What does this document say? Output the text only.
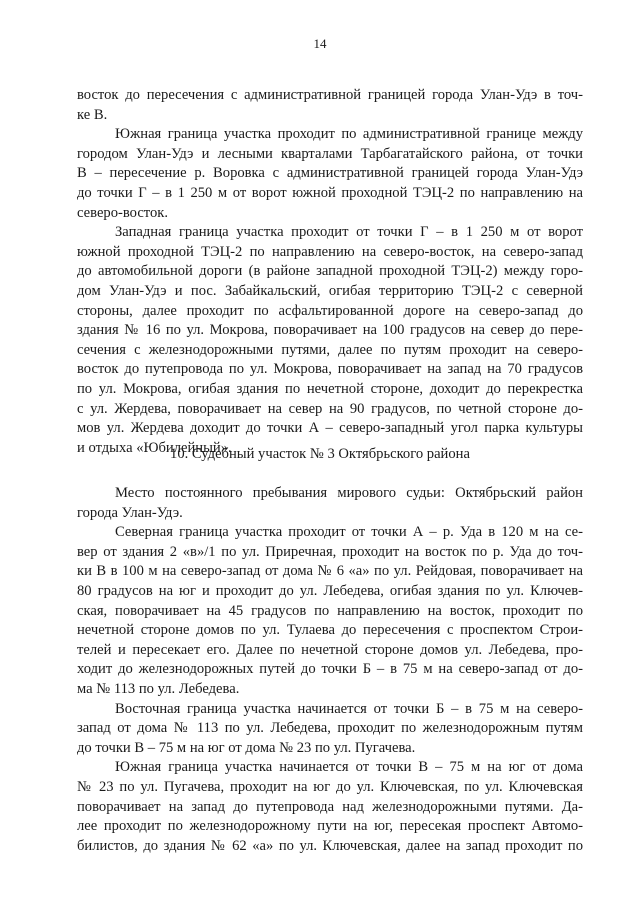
14
восток до пересечения с административной границей города Улан-Удэ в точ-
ке В.
Южная граница участка проходит по административной границе между
городом Улан-Удэ и лесными кварталами Тарбагатайского района, от точки
В – пересечение р. Воровка с административной границей города Улан-Удэ
до точки Г – в 1 250 м от ворот южной проходной ТЭЦ-2 по направлению на
северо-восток.
Западная граница участка проходит от точки Г – в 1 250 м от ворот
южной проходной ТЭЦ-2 по направлению на северо-восток, на северо-запад
до автомобильной дороги (в районе западной проходной ТЭЦ-2) между горо-
дом Улан-Удэ и пос. Забайкальский, огибая территорию ТЭЦ-2 с северной
стороны, далее проходит по асфальтированной дороге на северо-запад до
здания № 16 по ул. Мокрова, поворачивает на 100 градусов на север до пере-
сечения с железнодорожными путями, далее по путям проходит на северо-
восток до путепровода по ул. Мокрова, поворачивает на запад на 70 градусов
по ул. Мокрова, огибая здания по нечетной стороне, доходит до перекрестка
с ул. Жердева, поворачивает на север на 90 градусов, по четной стороне до-
мов ул. Жердева доходит до точки А – северо-западный угол парка культуры
и отдыха «Юбилейный».
10. Судебный участок № 3 Октябрьского района
Место постоянного пребывания мирового судьи: Октябрьский район
города Улан-Удэ.
Северная граница участка проходит от точки А – р. Уда в 120 м на се-
вер от здания 2 «в»/1 по ул. Приречная, проходит на восток по р. Уда до точ-
ки В в 100 м на северо-запад от дома № 6 «а» по ул. Рейдовая, поворачивает на
80 градусов на юг и проходит до ул. Лебедева, огибая здания по ул. Ключев-
ская, поворачивает на 45 градусов по направлению на восток, проходит по
нечетной стороне домов по ул. Тулаева до пересечения с проспектом Строи-
телей и пересекает его. Далее по нечетной стороне домов ул. Лебедева, про-
ходит до железнодорожных путей до точки Б – в 75 м на северо-запад от до-
ма № 113 по ул. Лебедева.
Восточная граница участка начинается от точки Б – в 75 м на северо-
запад от дома № 113 по ул. Лебедева, проходит по железнодорожным путям
до точки В – 75 м на юг от дома № 23 по ул. Пугачева.
Южная граница участка начинается от точки В – 75 м на юг от дома
№ 23 по ул. Пугачева, проходит на юг до ул. Ключевская, по ул. Ключевская
поворачивает на запад до путепровода над железнодорожными путями. Да-
лее проходит по железнодорожному пути на юг, пересекая проспект Автомо-
билистов, до здания № 62 «а» по ул. Ключевская, далее на запад проходит по
